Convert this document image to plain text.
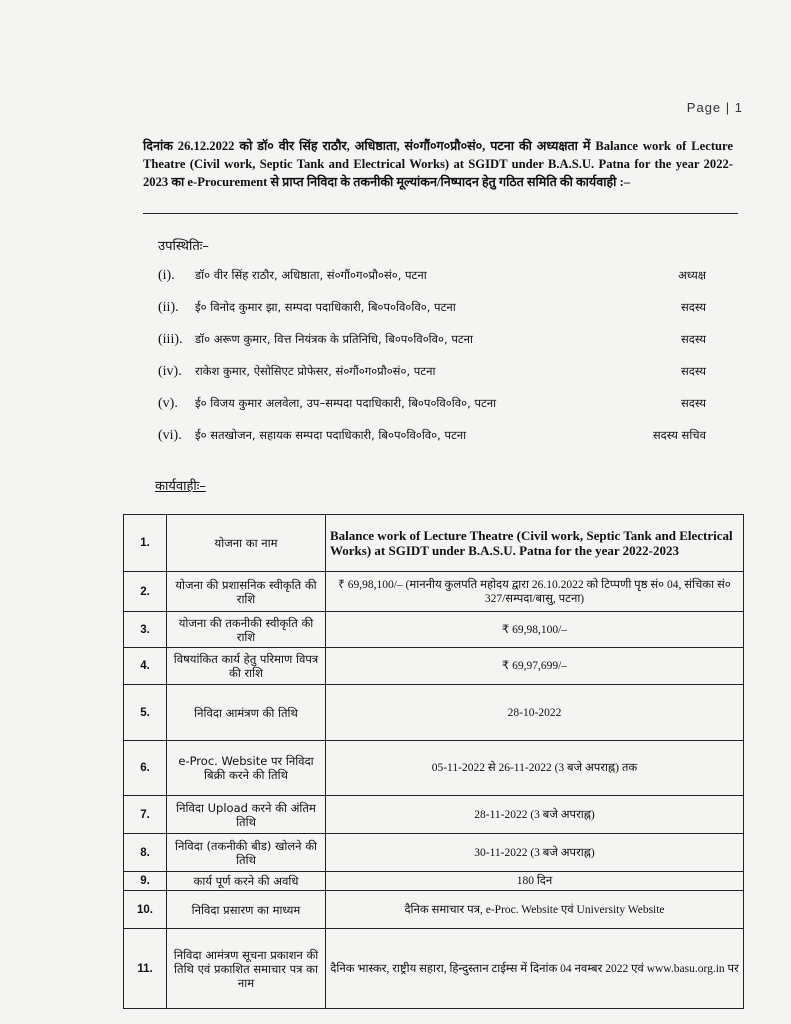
Page | 1
दिनांक 26.12.2022 को डॉ० वीर सिंह राठौर, अधिष्ठाता, सं०गौं०ग०प्रौ०सं०, पटना की अध्यक्षता में Balance work of Lecture Theatre (Civil work, Septic Tank and Electrical Works) at SGIDT under B.A.S.U. Patna for the year 2022-2023 का e-Procurement से प्राप्त निविदा के तकनीकी मूल्यांकन/निष्पादन हेतु गठित समिति की कार्यवाही :–
उपस्थितिः–
(i). डॉ० वीर सिंह राठौर, अधिष्ठाता, सं०गौं०ग०प्रौ०सं०, पटना	अध्यक्ष
(ii). ई० विनोद कुमार झा, सम्पदा पदाधिकारी, बि०प०वि०वि०, पटना	सदस्य
(iii). डॉ० अरूण कुमार, वित्त नियंत्रक के प्रतिनिधि, बि०प०वि०वि०, पटना	सदस्य
(iv). राकेश कुमार, ऐसोसिएट प्रोफेसर, सं०गौं०ग०प्रौ०सं०, पटना	सदस्य
(v). ई० विजय कुमार अलवेला, उप–सम्पदा पदाधिकारी, बि०प०वि०वि०, पटना	सदस्य
(vi). ई० सतखोजन, सहायक सम्पदा पदाधिकारी, बि०प०वि०वि०, पटना	सदस्य सचिव
कार्यवाहीः–
1.	योजना का नाम	Balance work of Lecture Theatre (Civil work, Septic Tank and Electrical Works) at SGIDT under B.A.S.U. Patna for the year 2022-2023
2.	योजना की प्रशासनिक स्वीकृति की राशि	₹ 69,98,100/– (माननीय कुलपति महोदय द्वारा 26.10.2022 को टिप्पणी पृष्ठ सं० 04, संचिका सं० 327/सम्पदा/बासु, पटना)
3.	योजना की तकनीकी स्वीकृति की राशि	₹ 69,98,100/–
4.	विषयांकित कार्य हेतु परिमाण विपत्र की राशि	₹ 69,97,699/–
5.	निविदा आमंत्रण की तिथि	28-10-2022
6.	e-Proc. Website पर निविदा बिक्री करने की तिथि	05-11-2022 से 26-11-2022 (3 बजे अपराह्न) तक
7.	निविदा Upload करने की अंतिम तिथि	28-11-2022 (3 बजे अपराह्न)
8.	निविदा (तकनीकी बीड) खोलने की तिथि	30-11-2022 (3 बजे अपराह्न)
9.	कार्य पूर्ण करने की अवधि	180 दिन
10.	निविदा प्रसारण का माध्यम	दैनिक समाचार पत्र, e-Proc. Website एवं University Website
11.	निविदा आमंत्रण सूचना प्रकाशन की तिथि एवं प्रकाशित समाचार पत्र का नाम	दैनिक भास्कर, राष्ट्रीय सहारा, हिन्दुस्तान टाईम्स में दिनांक 04 नवम्बर 2022 एवं www.basu.org.in पर
